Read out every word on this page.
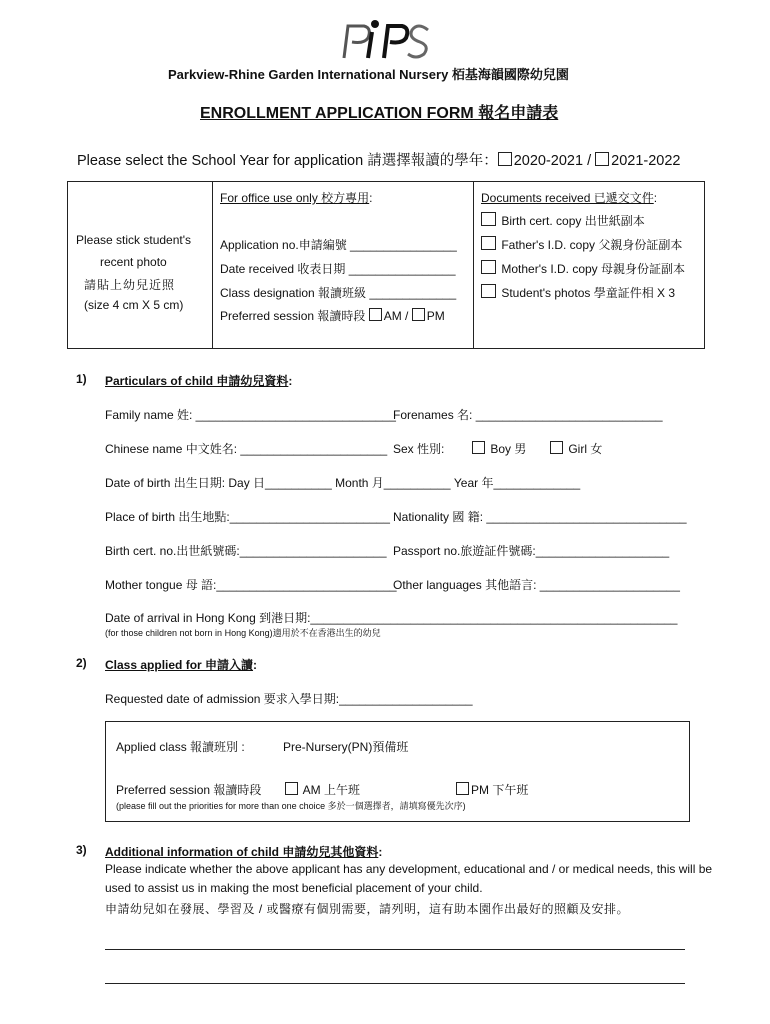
Parkview-Rhine Garden International Nursery 栢基海韻國際幼兒園
ENROLLMENT APPLICATION FORM 報名申請表
Please select the School Year for application 請選擇報讀的學年： 2020-2021 / 2021-2022
Please stick student's
recent photo
請貼上幼兒近照
(size 4 cm X 5 cm)
For office use only 校方專用:
Application no.申請編號 ________________
Date received 收表日期 ________________
Class designation 報讀班級 _____________
Preferred session 報讀時段 AM / PM
Documents received 已遞交文件:
Birth cert. copy 出世紙副本
Father's I.D. copy 父親身份証副本
Mother's I.D. copy 母親身份証副本
Student's photos 學童証件相 X 3
1) Particulars of child 申請幼兒資料:
Family name 姓: ______________________________
Forenames 名: ____________________________
Chinese name 中文姓名: ______________________ Sex 性別:	Boy 男	Girl 女
Date of birth 出生日期: Day 日__________ Month 月__________ Year 年_____________
Place of birth 出生地點:________________________ Nationality 國 籍: ______________________________
Birth cert. no.出世紙號碼:______________________ Passport no.旅遊証件號碼:____________________
Mother tongue 母 語:___________________________
Other languages 其他語言: _____________________
Date of arrival in Hong Kong 到港日期:_______________________________________________________
(for those children not born in Hong Kong)適用於不在香港出生的幼兒
2) Class applied for 申請入讀:
Requested date of admission 要求入學日期:____________________
Applied class 報讀班別 :	Pre-Nursery(PN)預備班
Preferred session 報讀時段	AM 上午班	PM 下午班
(please fill out the priorities for more than one choice 多於一個選擇者，請填寫優先次序)
3) Additional information of child 申請幼兒其他資料:
Please indicate whether the above applicant has any development, educational and / or medical needs, this will be
used to assist us in making the most beneficial placement of your child.
申請幼兒如在發展、學習及 / 或醫療有個別需要，請列明，這有助本園作出最好的照顧及安排。
